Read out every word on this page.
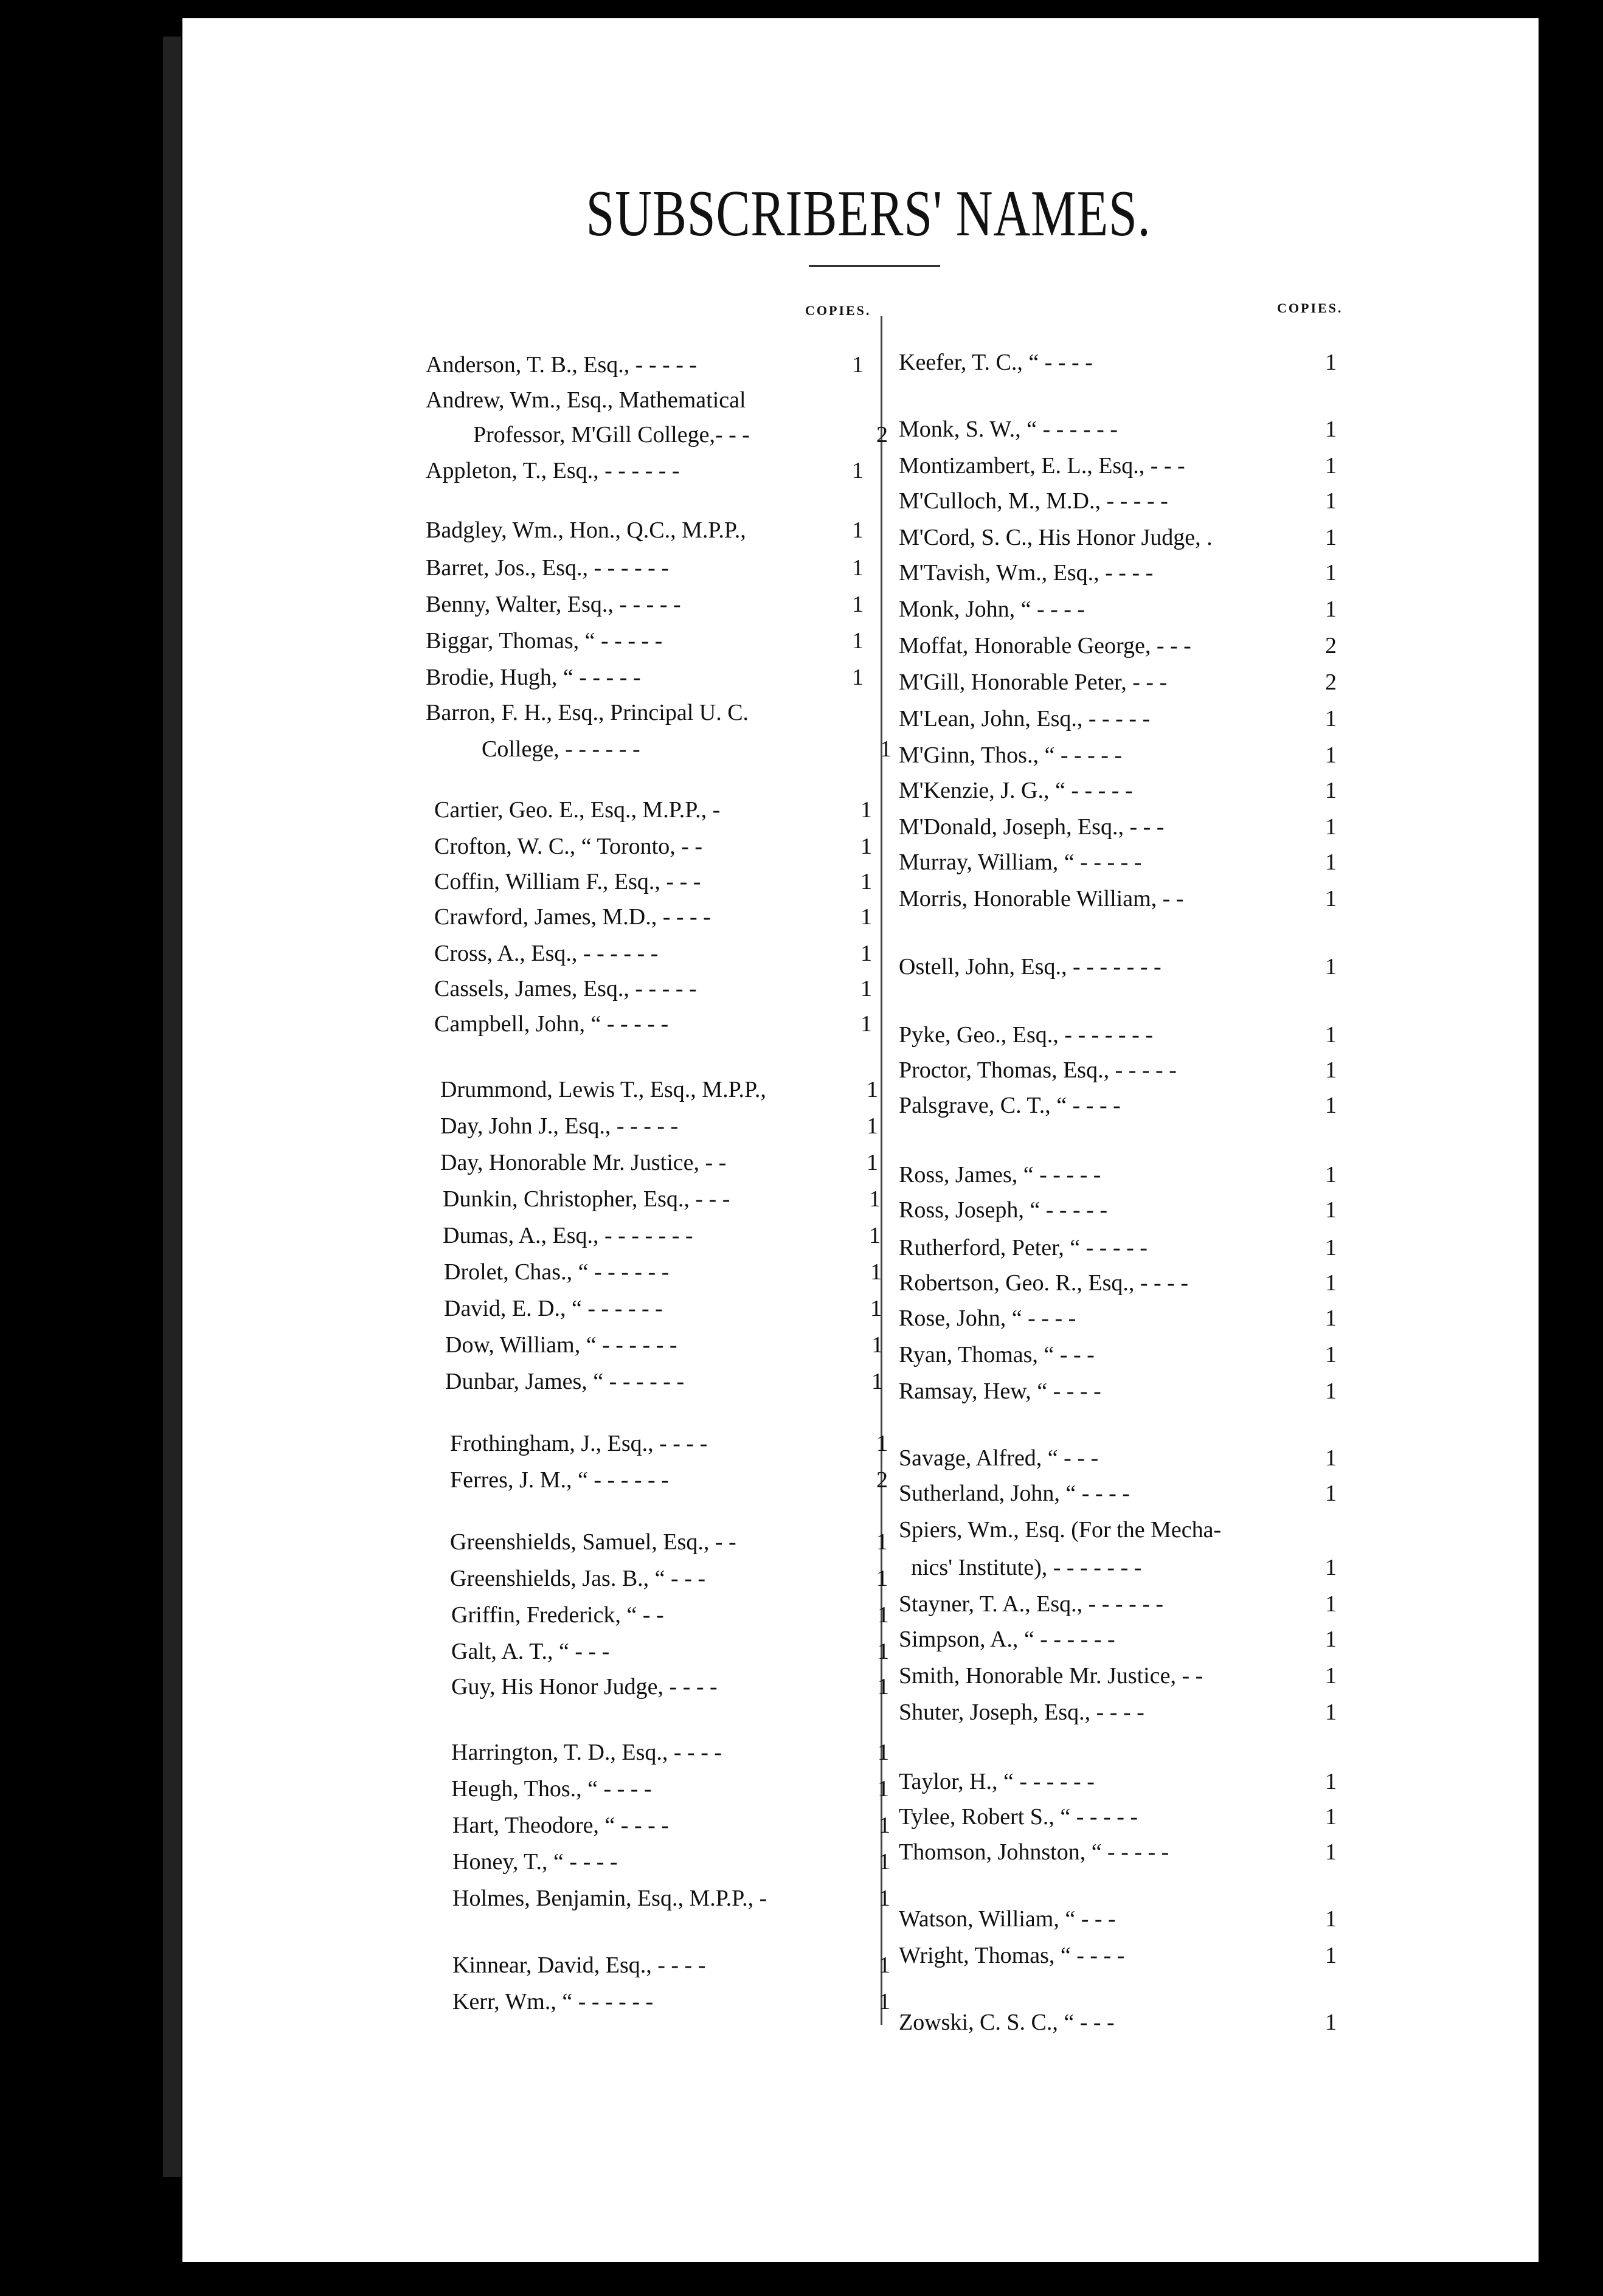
SUBSCRIBERS' NAMES.
COPIES.	COPIES.
Anderson, T. B., Esq., - - - - -	1
Andrew, Wm., Esq., Mathematical
Professor, M'Gill College,- - -	2
Appleton, T., Esq., - - - - - -	1
Badgley, Wm., Hon., Q.C., M.P.P.,	1
Barret, Jos., Esq., - - - - - -	1
Benny, Walter, Esq., - - - - -	1
Biggar, Thomas, “ - - - - -	1
Brodie, Hugh, “ - - - - -	1
Barron, F. H., Esq., Principal U. C.
College, - - - - - -	1
Cartier, Geo. E., Esq., M.P.P., -	1
Crofton, W. C., “ Toronto, - -	1
Coffin, William F., Esq., - - -	1
Crawford, James, M.D., - - - -	1
Cross, A., Esq., - - - - - -	1
Cassels, James, Esq., - - - - -	1
Campbell, John, “ - - - - -	1
Drummond, Lewis T., Esq., M.P.P.,	1
Day, John J., Esq., - - - - -	1
Day, Honorable Mr. Justice, - -	1
Dunkin, Christopher, Esq., - - -	1
Dumas, A., Esq., - - - - - - -	1
Drolet, Chas., “ - - - - - -	1
David, E. D., “ - - - - - -	1
Dow, William, “ - - - - - -	1
Dunbar, James, “ - - - - - -	1
Frothingham, J., Esq., - - - -	1
Ferres, J. M., “ - - - - - -	2
Greenshields, Samuel, Esq., - -	1
Greenshields, Jas. B., “ - - -	1
Griffin, Frederick, “ - -	1
Galt, A. T., “ - - -	1
Guy, His Honor Judge, - - - -	1
Harrington, T. D., Esq., - - - -	1
Heugh, Thos., “ - - - -	1
Hart, Theodore, “ - - - -	1
Honey, T., “ - - - -	1
Holmes, Benjamin, Esq., M.P.P., -	1
Kinnear, David, Esq., - - - -	1
Kerr, Wm., “ - - - - - -	1
Keefer, T. C., “ - - - -	1
Monk, S. W., “ - - - - - -	1
Montizambert, E. L., Esq., - - -	1
M'Culloch, M., M.D., - - - - -	1
M'Cord, S. C., His Honor Judge, .	1
M'Tavish, Wm., Esq., - - - -	1
Monk, John, “ - - - -	1
Moffat, Honorable George, - - -	2
M'Gill, Honorable Peter, - - -	2
M'Lean, John, Esq., - - - - -	1
M'Ginn, Thos., “ - - - - -	1
M'Kenzie, J. G., “ - - - - -	1
M'Donald, Joseph, Esq., - - -	1
Murray, William, “ - - - - -	1
Morris, Honorable William, - -	1
Ostell, John, Esq., - - - - - - -	1
Pyke, Geo., Esq., - - - - - - -	1
Proctor, Thomas, Esq., - - - - -	1
Palsgrave, C. T., “ - - - -	1
Ross, James, “ - - - - -	1
Ross, Joseph, “ - - - - -	1
Rutherford, Peter, “ - - - - -	1
Robertson, Geo. R., Esq., - - - -	1
Rose, John, “ - - - -	1
Ryan, Thomas, “ - - -	1
Ramsay, Hew, “ - - - -	1
Savage, Alfred, “ - - -	1
Sutherland, John, “ - - - -	1
Spiers, Wm., Esq. (For the Mecha-
nics' Institute), - - - - - - -	1
Stayner, T. A., Esq., - - - - - -	1
Simpson, A., “ - - - - - -	1
Smith, Honorable Mr. Justice, - -	1
Shuter, Joseph, Esq., - - - -	1
Taylor, H., “ - - - - - -	1
Tylee, Robert S., “ - - - - -	1
Thomson, Johnston, “ - - - - -	1
Watson, William, “ - - -	1
Wright, Thomas, “ - - - -	1
Zowski, C. S. C., “ - - -	1
